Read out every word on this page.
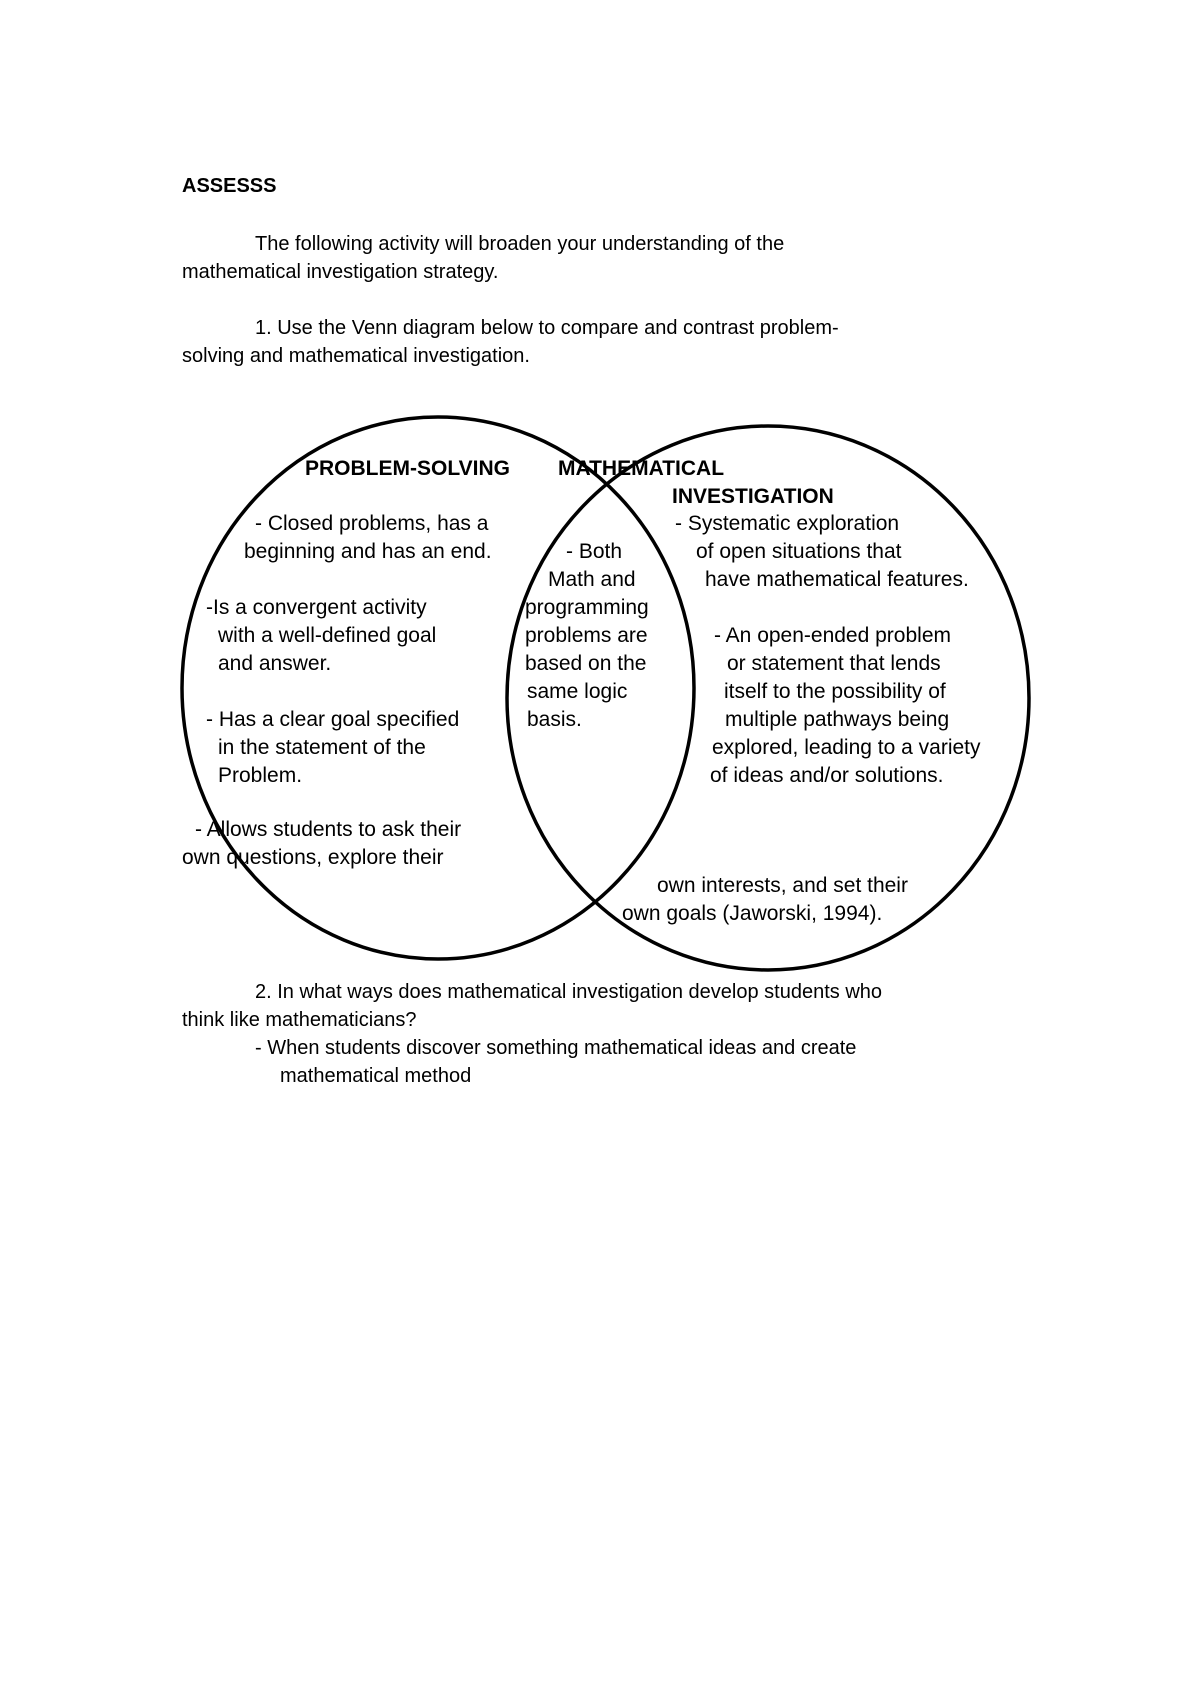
ASSESSS
The following activity will broaden your understanding of the
mathematical investigation strategy.
1. Use the Venn diagram below to compare and contrast problem-
solving and mathematical investigation.
PROBLEM-SOLVING MATHEMATICAL
INVESTIGATION
- Closed problems, has a
beginning and has an end.
-Is a convergent activity
with a well-defined goal
and answer.
- Has a clear goal specified
in the statement of the
Problem.
- Allows students to ask their
own questions, explore their
- Both
Math and
programming
problems are
based on the
same logic
basis.
- Systematic exploration
of open situations that
have mathematical features.
- An open-ended problem
or statement that lends
itself to the possibility of
multiple pathways being
explored, leading to a variety
of ideas and/or solutions.
own interests, and set their
own goals (Jaworski, 1994).
2. In what ways does mathematical investigation develop students who
think like mathematicians?
- When students discover something mathematical ideas and create
mathematical method
